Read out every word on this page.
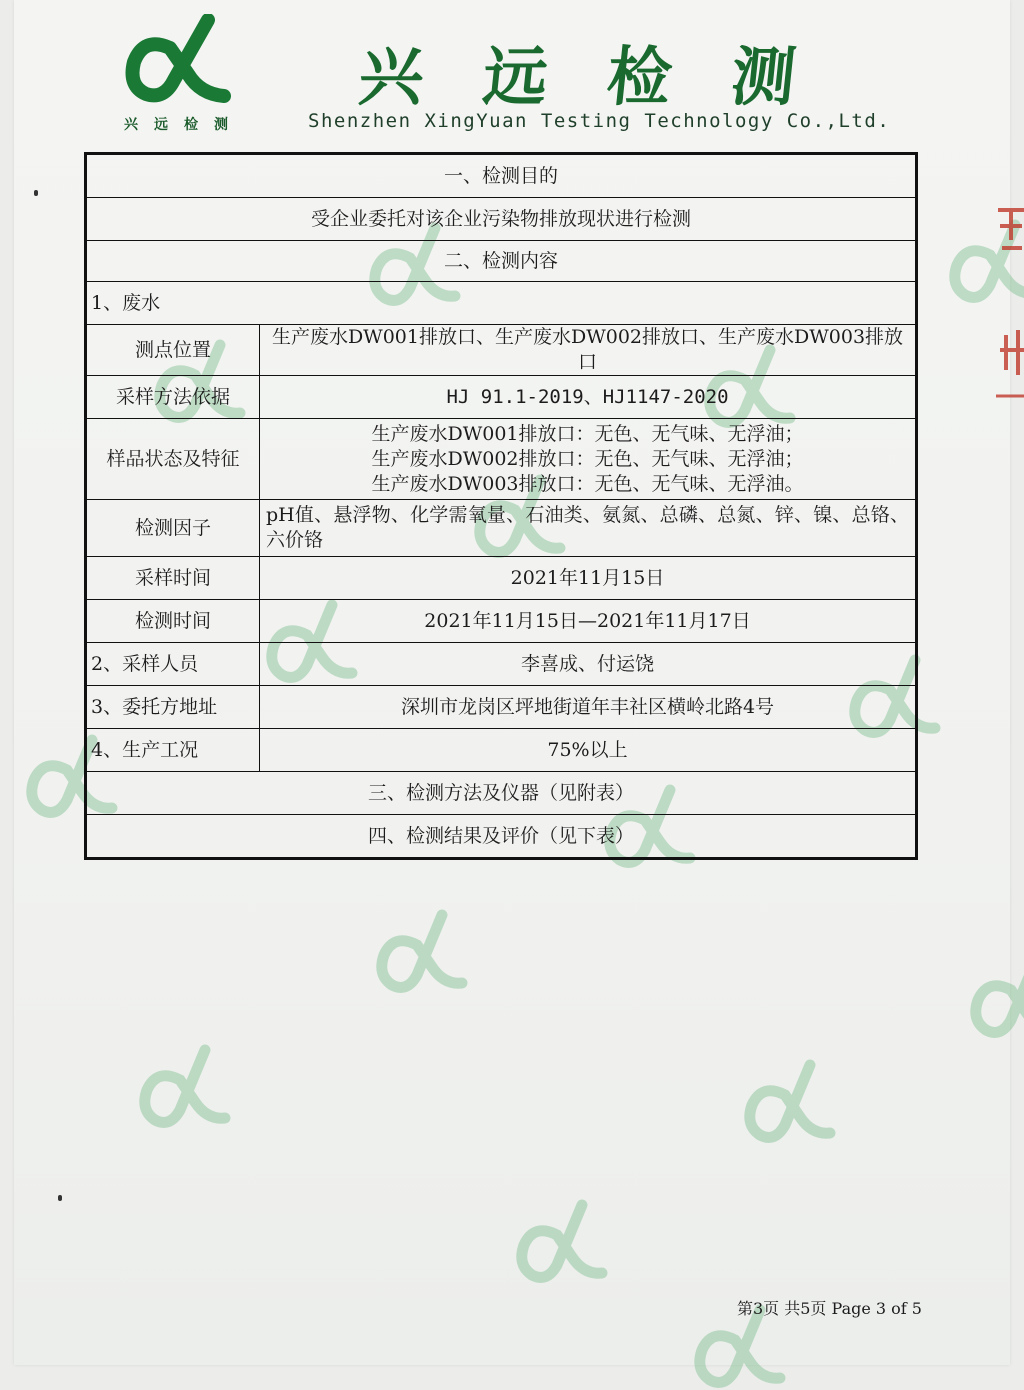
兴远检测
兴远检测
Shenzhen XingYuan Testing Technology Co.,Ltd.
一、检测目的	
受企业委托对该企业污染物排放现状进行检测	
二、检测内容	
1、废水	
测点位置	生产废水DW001排放口、生产废水DW002排放口、生产废水DW003排放口
采样方法依据	HJ 91.1-2019、HJ1147-2020
样品状态及特征	生产废水DW001排放口：无色、无气味、无浮油；
生产废水DW002排放口：无色、无气味、无浮油；
生产废水DW003排放口：无色、无气味、无浮油。

检测因子	pH值、悬浮物、化学需氧量、石油类、氨氮、总磷、总氮、锌、镍、总铬、六价铬
采样时间	2021年11月15日
检测时间	2021年11月15日—2021年11月17日
2、采样人员	李喜成、付运饶
3、委托方地址	深圳市龙岗区坪地街道年丰社区横岭北路4号
4、生产工况	75%以上
三、检测方法及仪器（见附表）	
四、检测结果及评价（见下表）	
第3页 共5页 Page 3 of 5
